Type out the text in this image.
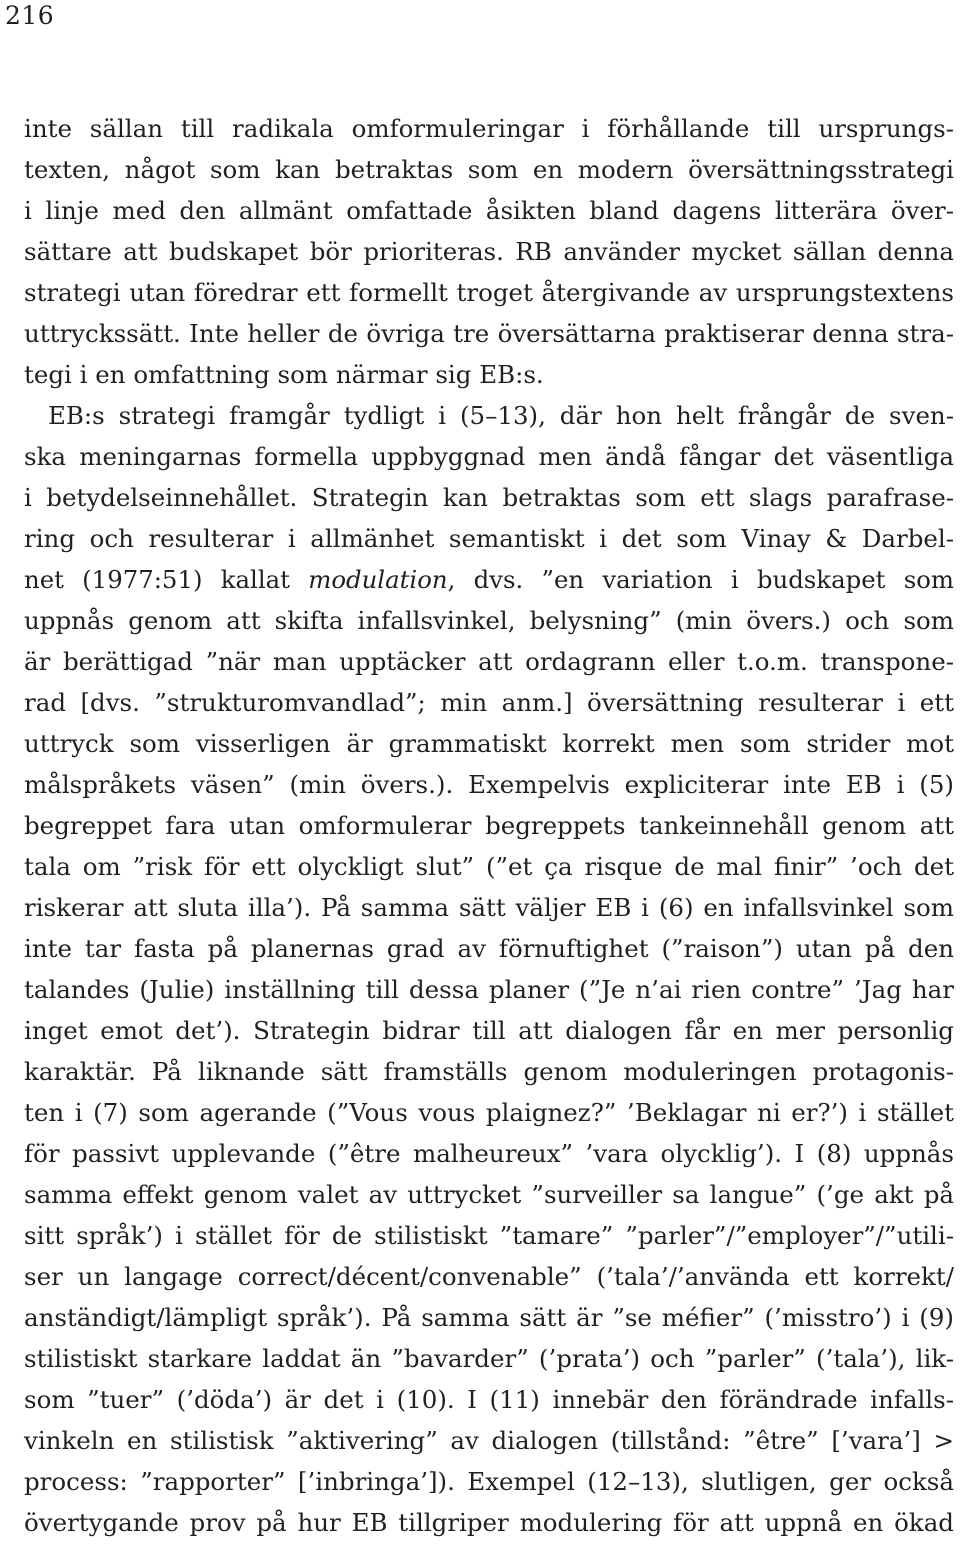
216
inte sällan till radikala omformuleringar i förhållande till ursprungs-
texten, något som kan betraktas som en modern översättningsstrategi
i linje med den allmänt omfattade åsikten bland dagens litterära över-
sättare att budskapet bör prioriteras. RB använder mycket sällan denna
strategi utan föredrar ett formellt troget återgivande av ursprungstextens
uttryckssätt. Inte heller de övriga tre översättarna praktiserar denna stra-
tegi i en omfattning som närmar sig EB:s.
EB:s strategi framgår tydligt i (5–13), där hon helt frångår de sven-
ska meningarnas formella uppbyggnad men ändå fångar det väsentliga
i betydelseinnehållet. Strategin kan betraktas som ett slags parafrase-
ring och resulterar i allmänhet semantiskt i det som Vinay & Darbel-
net (1977:51) kallat modulation, dvs. ”en variation i budskapet som
uppnås genom att skifta infallsvinkel, belysning” (min övers.) och som
är berättigad ”när man upptäcker att ordagrann eller t.o.m. transpone-
rad [dvs. ”strukturomvandlad”; min anm.] översättning resulterar i ett
uttryck som visserligen är grammatiskt korrekt men som strider mot
målspråkets väsen” (min övers.). Exempelvis expliciterar inte EB i (5)
begreppet fara utan omformulerar begreppets tankeinnehåll genom att
tala om ”risk för ett olyckligt slut” (”et ça risque de mal finir” ’och det
riskerar att sluta illa’). På samma sätt väljer EB i (6) en infallsvinkel som
inte tar fasta på planernas grad av förnuftighet (”raison”) utan på den
talandes (Julie) inställning till dessa planer (”Je n’ai rien contre” ’Jag har
inget emot det’). Strategin bidrar till att dialogen får en mer personlig
karaktär. På liknande sätt framställs genom moduleringen protagonis-
ten i (7) som agerande (”Vous vous plaignez?” ’Beklagar ni er?’) i stället
för passivt upplevande (”être malheureux” ’vara olycklig’). I (8) uppnås
samma effekt genom valet av uttrycket ”surveiller sa langue” (’ge akt på
sitt språk’) i stället för de stilistiskt ”tamare” ”parler”/”employer”/”utili-
ser un langage correct/décent/convenable” (’tala’/’använda ett korrekt/
anständigt/lämpligt språk’). På samma sätt är ”se méfier” (’misstro’) i (9)
stilistiskt starkare laddat än ”bavarder” (’prata’) och ”parler” (’tala’), lik-
som ”tuer” (’döda’) är det i (10). I (11) innebär den förändrade infalls-
vinkeln en stilistisk ”aktivering” av dialogen (tillstånd: ”être” [’vara’] >
process: ”rapporter” [’inbringa’]). Exempel (12–13), slutligen, ger också
övertygande prov på hur EB tillgriper modulering för att uppnå en ökad
